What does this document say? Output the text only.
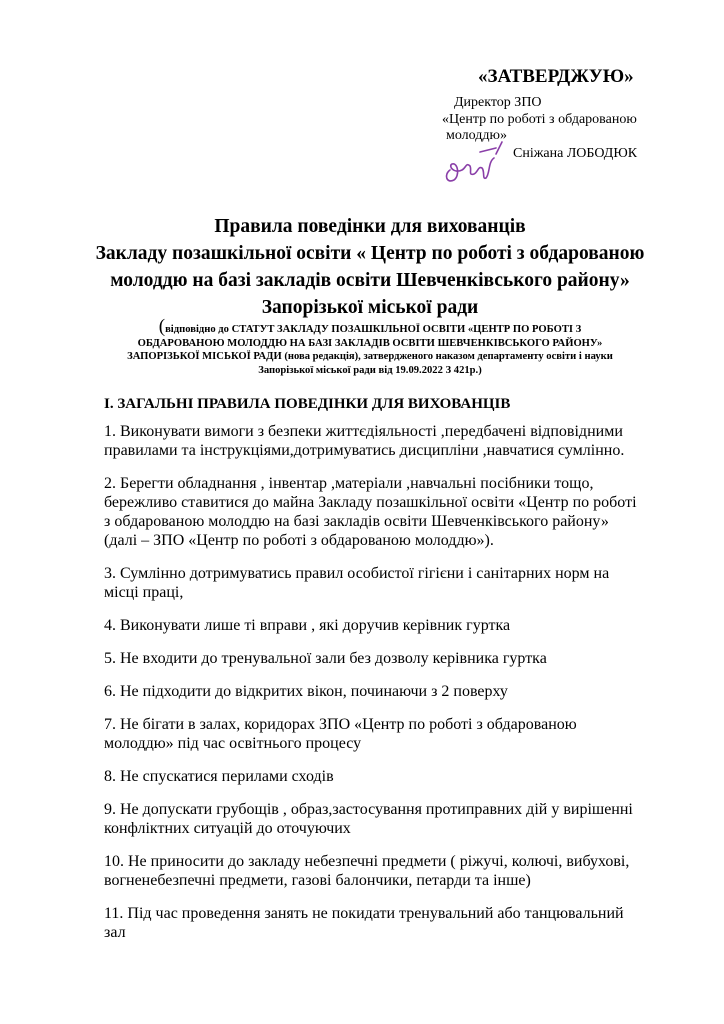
«ЗАТВЕРДЖУЮ»
Директор ЗПО
«Центр по роботі з обдарованою
молоддю»
Сніжана ЛОБОДЮК
Правила поведінки для вихованців
Закладу позашкільної освіти « Центр по роботі з обдарованою
молоддю на базі закладів освіти Шевченківського району»
Запорізької міської ради
(відповідно до СТАТУТ ЗАКЛАДУ ПОЗАШКІЛЬНОЇ ОСВІТИ «ЦЕНТР ПО РОБОТІ З
ОБДАРОВАНОЮ МОЛОДДЮ НА БАЗІ ЗАКЛАДІВ ОСВІТИ ШЕВЧЕНКІВСЬКОГО РАЙОНУ»
ЗАПОРІЗЬКОЇ МІСЬКОЇ РАДИ (нова редакція), затвердженого наказом департаменту освіти і науки
Запорізької міської ради від 19.09.2022 З 421р.)
І. ЗАГАЛЬНІ ПРАВИЛА ПОВЕДІНКИ ДЛЯ ВИХОВАНЦІВ
1. Виконувати вимоги з безпеки життєдіяльності ,передбачені відповідними
правилами та інструкціями,дотримуватись дисципліни ,навчатися сумлінно.
2. Берегти обладнання , інвентар ,матеріали ,навчальні посібники тощо,
бережливо ставитися до майна Закладу позашкільної освіти «Центр по роботі
з обдарованою молоддю на базі закладів освіти Шевченківського району»
(далі – ЗПО «Центр по роботі з обдарованою молоддю»).
3. Сумлінно дотримуватись правил особистої гігієни і санітарних норм на
місці праці,
4. Виконувати лише ті вправи , які доручив керівник гуртка
5. Не входити до тренувальної зали без дозволу керівника гуртка
6. Не підходити до відкритих вікон, починаючи з 2 поверху
7. Не бігати в залах, коридорах ЗПО «Центр по роботі з обдарованою
молоддю» під час освітнього процесу
8. Не спускатися перилами сходів
9. Не допускати грубощів , образ,застосування протиправних дій у вирішенні
конфліктних ситуацій до оточуючих
10. Не приносити до закладу небезпечні предмети ( ріжучі, колючі, вибухові,
вогненебезпечні предмети, газові балончики, петарди та інше)
11. Під час проведення занять не покидати тренувальний або танцювальний
зал
